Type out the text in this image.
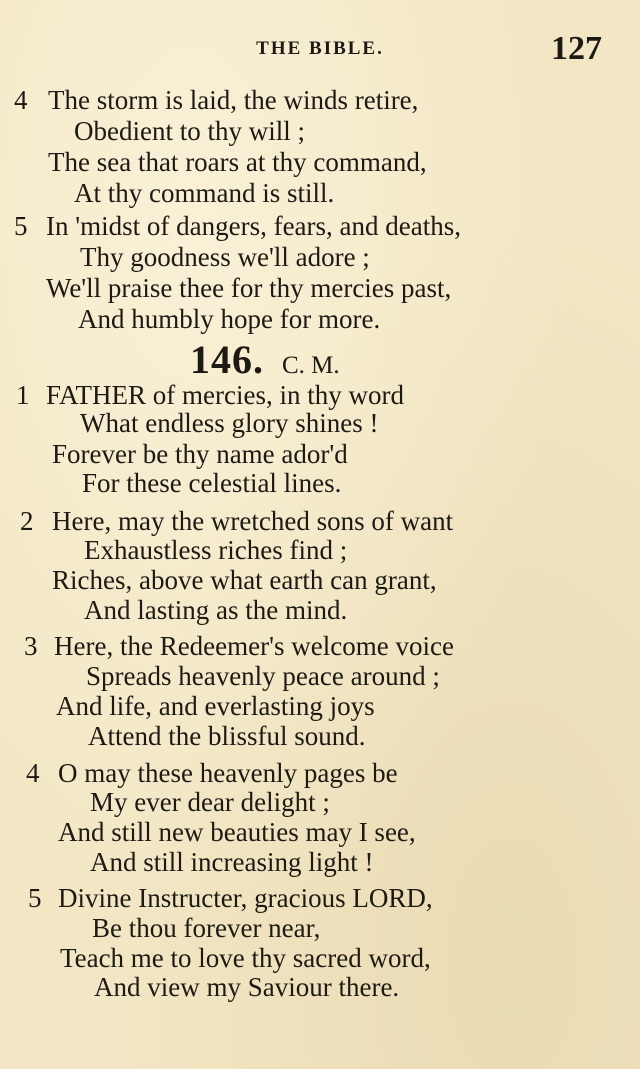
THE BIBLE.	127
4 The storm is laid, the winds retire,
Obedient to thy will ;
The sea that roars at thy command,
At thy command is still.
5 In 'midst of dangers, fears, and deaths,
Thy goodness we'll adore ;
We'll praise thee for thy mercies past,
And humbly hope for more.
146. C. M.
1 FATHER of mercies, in thy word
What endless glory shines !
Forever be thy name ador'd
For these celestial lines.
2 Here, may the wretched sons of want
Exhaustless riches find ;
Riches, above what earth can grant,
And lasting as the mind.
3 Here, the Redeemer's welcome voice
Spreads heavenly peace around ;
And life, and everlasting joys
Attend the blissful sound.
4 O may these heavenly pages be
My ever dear delight ;
And still new beauties may I see,
And still increasing light !
5 Divine Instructer, gracious LORD,
Be thou forever near,
Teach me to love thy sacred word,
And view my Saviour there.
